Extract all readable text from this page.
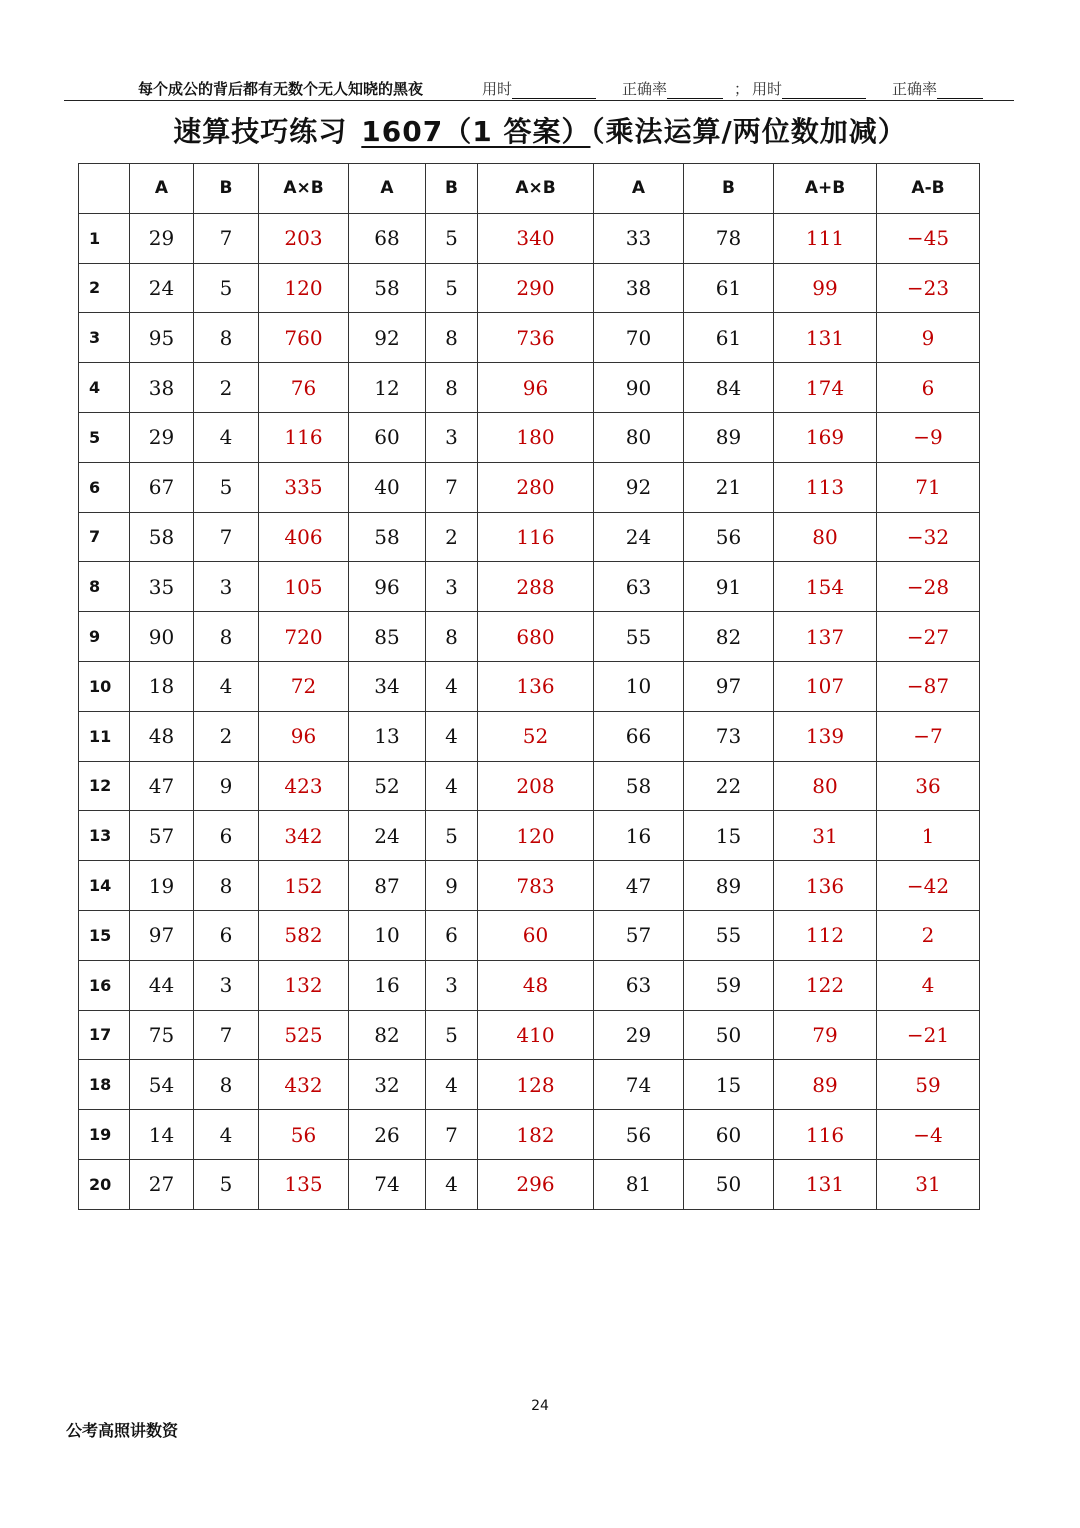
每个成公的背后都有无数个无人知晓的黑夜	用时	正确率	； 用时	正确率
速算技巧练习 1607（1 答案）（乘法运算/两位数加减）
	A	B	A×B	A	B	A×B	A	B	A+B	A-B
1	29	7	203	68	5	340	33	78	111	−45
2	24	5	120	58	5	290	38	61	99	−23
3	95	8	760	92	8	736	70	61	131	9
4	38	2	76	12	8	96	90	84	174	6
5	29	4	116	60	3	180	80	89	169	−9
6	67	5	335	40	7	280	92	21	113	71
7	58	7	406	58	2	116	24	56	80	−32
8	35	3	105	96	3	288	63	91	154	−28
9	90	8	720	85	8	680	55	82	137	−27
10	18	4	72	34	4	136	10	97	107	−87
11	48	2	96	13	4	52	66	73	139	−7
12	47	9	423	52	4	208	58	22	80	36
13	57	6	342	24	5	120	16	15	31	1
14	19	8	152	87	9	783	47	89	136	−42
15	97	6	582	10	6	60	57	55	112	2
16	44	3	132	16	3	48	63	59	122	4
17	75	7	525	82	5	410	29	50	79	−21
18	54	8	432	32	4	128	74	15	89	59
19	14	4	56	26	7	182	56	60	116	−4
20	27	5	135	74	4	296	81	50	131	31
24
公考高照讲数资
